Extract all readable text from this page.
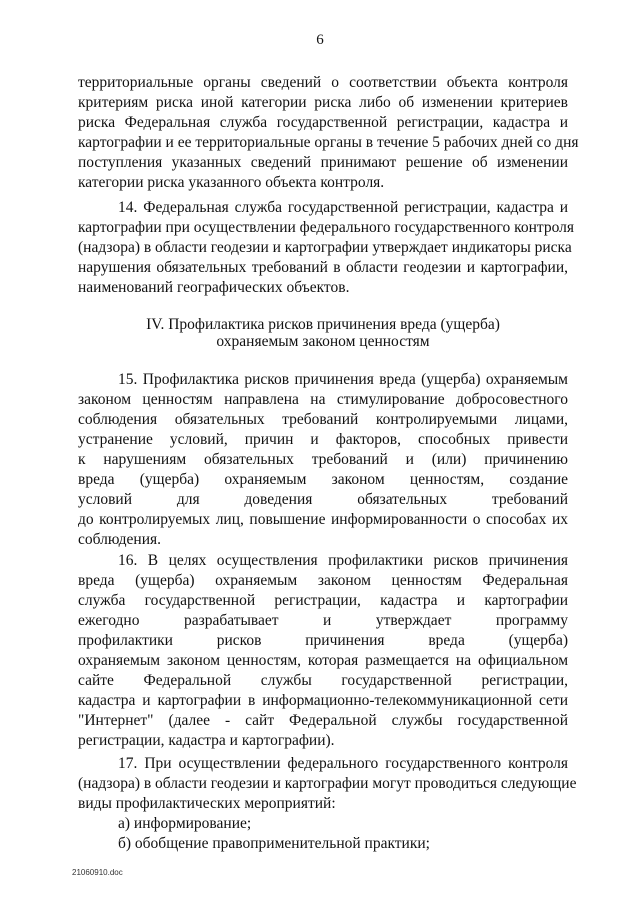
6
территориальные органы сведений о соответствии объекта контроля
критериям риска иной категории риска либо об изменении критериев
риска Федеральная служба государственной регистрации, кадастра и
картографии и ее территориальные органы в течение 5 рабочих дней со дня
поступления указанных сведений принимают решение об изменении
категории риска указанного объекта контроля.
14. Федеральная служба государственной регистрации, кадастра и
картографии при осуществлении федерального государственного контроля
(надзора) в области геодезии и картографии утверждает индикаторы риска
нарушения обязательных требований в области геодезии и картографии,
наименований географических объектов.
IV. Профилактика рисков причинения вреда (ущерба)
охраняемым законом ценностям
15. Профилактика рисков причинения вреда (ущерба) охраняемым
законом ценностям направлена на стимулирование добросовестного
соблюдения обязательных требований контролируемыми лицами,
устранение условий, причин и факторов, способных привести
к нарушениям обязательных требований и (или) причинению
вреда (ущерба) охраняемым законом ценностям, создание
условий для доведения обязательных требований
до контролируемых лиц, повышение информированности о способах их
соблюдения.
16. В целях осуществления профилактики рисков причинения
вреда (ущерба) охраняемым законом ценностям Федеральная
служба государственной регистрации, кадастра и картографии
ежегодно разрабатывает и утверждает программу
профилактики рисков причинения вреда (ущерба)
охраняемым законом ценностям, которая размещается на официальном
сайте Федеральной службы государственной регистрации,
кадастра и картографии в информационно-телекоммуникационной сети
"Интернет" (далее - сайт Федеральной службы государственной
регистрации, кадастра и картографии).
17. При осуществлении федерального государственного контроля
(надзора) в области геодезии и картографии могут проводиться следующие
виды профилактических мероприятий:
а) информирование;
б) обобщение правоприменительной практики;
21060910.doc
